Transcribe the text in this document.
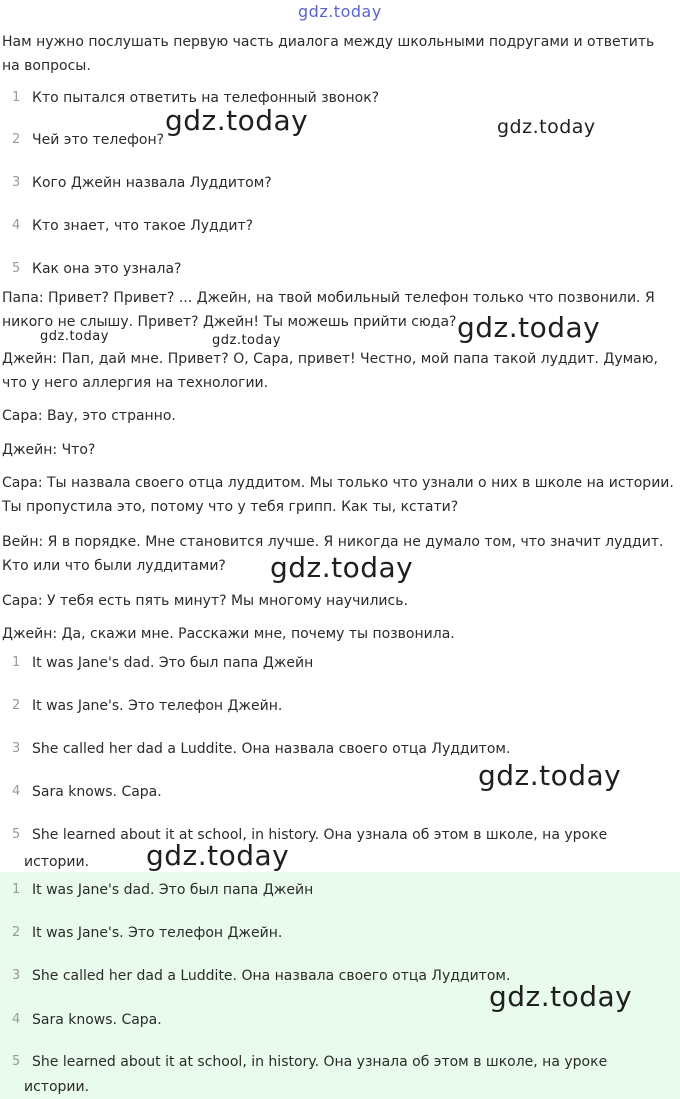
Нам нужно послушать первую часть диалога между школьными подругами и ответить на вопросы.
1 Кто пытался ответить на телефонный звонок?
2 Чей это телефон?
3 Кого Джейн назвала Луддитом?
4 Кто знает, что такое Луддит?
5 Как она это узнала?
Папа: Привет? Привет? ... Джейн, на твой мобильный телефон только что позвонили. Я никого не слышу. Привет? Джейн! Ты можешь прийти сюда?
Джейн: Пап, дай мне. Привет? О, Сара, привет! Честно, мой папа такой луддит. Думаю, что у него аллергия на технологии.
Сара: Вау, это странно.
Джейн: Что?
Сара: Ты назвала своего отца луддитом. Мы только что узнали о них в школе на истории. Ты пропустила это, потому что у тебя грипп. Как ты, кстати?
Вейн: Я в порядке. Мне становится лучше. Я никогда не думало том, что значит луддит. Кто или что были луддитами?
Сара: У тебя есть пять минут? Мы многому научились.
Джейн: Да, скажи мне. Расскажи мне, почему ты позвонила.
1 It was Jane's dad. Это был папа Джейн
2 It was Jane's. Это телефон Джейн.
3 She called her dad a Luddite. Она назвала своего отца Луддитом.
4 Sara knows. Сара.
5 She learned about it at school, in history. Она узнала об этом в школе, на уроке
истории.
1 It was Jane's dad. Это был папа Джейн
2 It was Jane's. Это телефон Джейн.
3 She called her dad a Luddite. Она назвала своего отца Луддитом.
4 Sara knows. Сара.
5 She learned about it at school, in history. Она узнала об этом в школе, на уроке
истории.
gdz.today
gdz.today	gdz.today
gdz.today	gdz.today	gdz.today
gdz.today
gdz.today
gdz.today
gdz.today
